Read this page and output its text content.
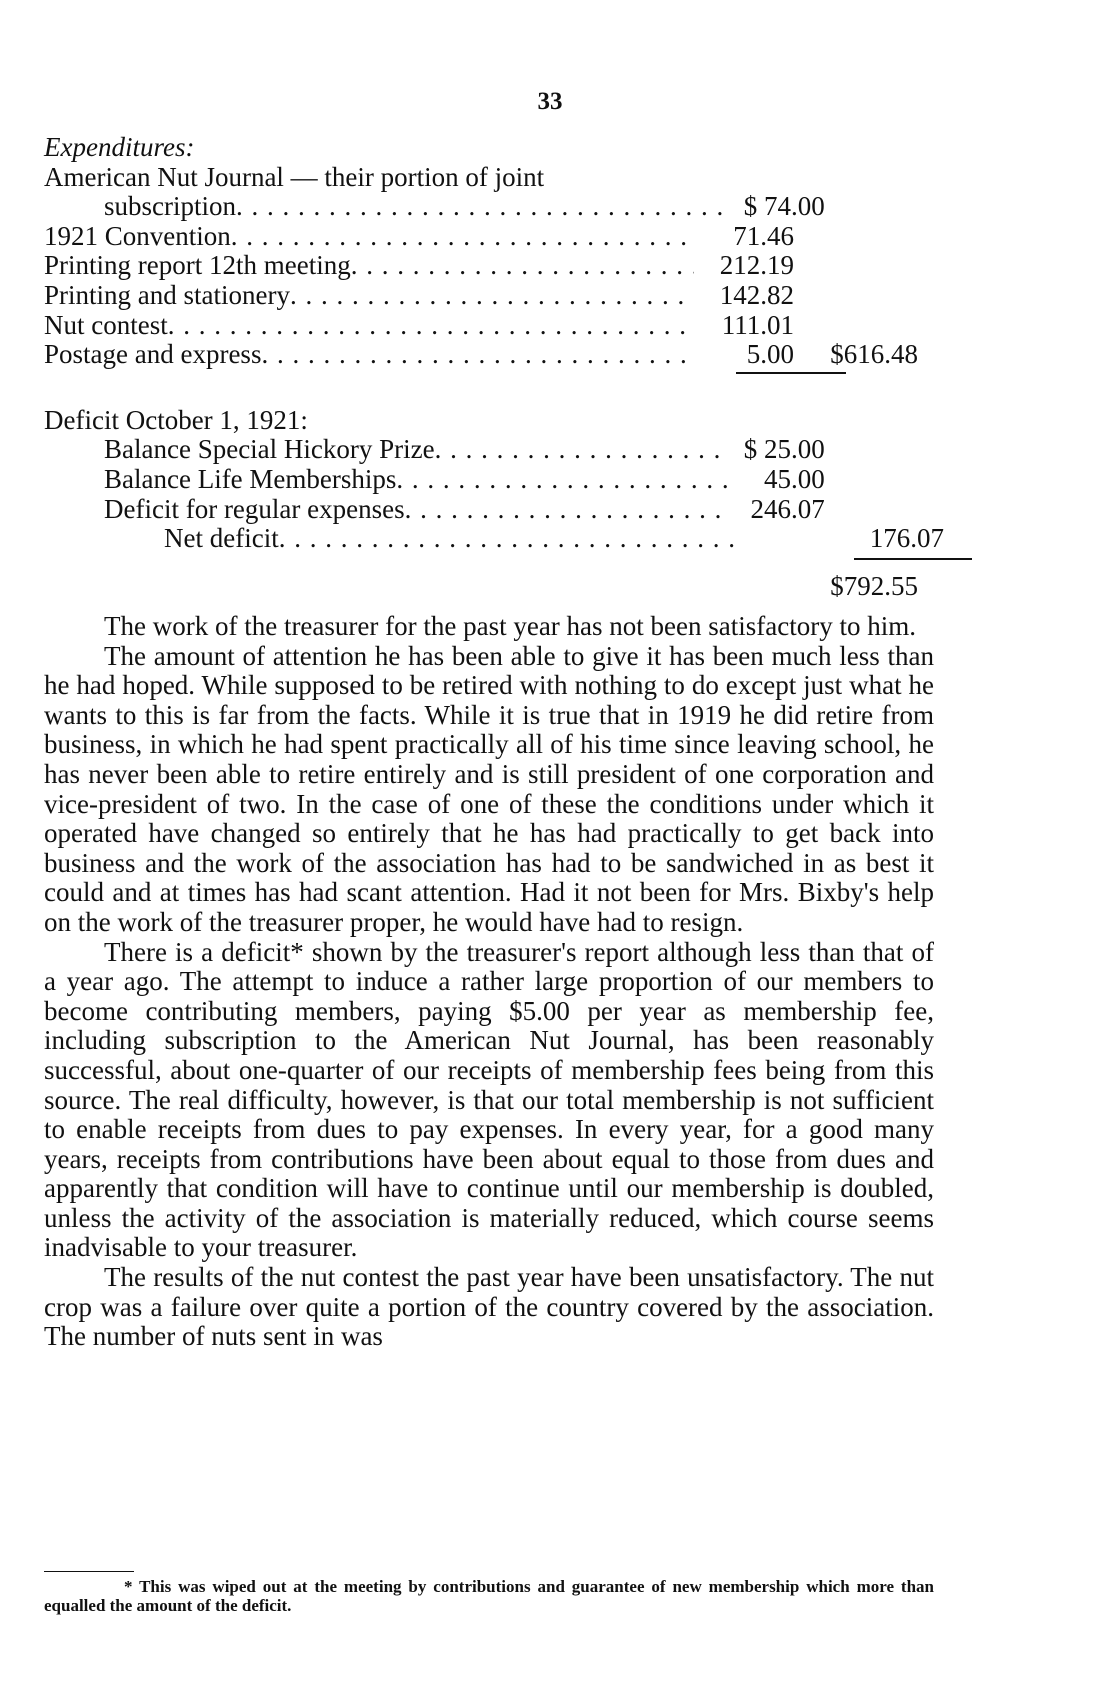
33
Expenditures:
American Nut Journal — their portion of joint
subscription . . .	$ 74.00
1921 Convention . . .	71.46
Printing report 12th meeting . . .	212.19
Printing and stationery . . .	142.82
Nut contest . . .	111.01
Postage and express . . .	5.00	$616.48
Deficit October 1, 1921:
Balance Special Hickory Prize . . .	$ 25.00
Balance Life Memberships . . .	45.00
Deficit for regular expenses . . .	246.07
Net deficit . . .	176.07
$792.55

The work of the treasurer for the past year has not been satisfactory to him.

The amount of attention he has been able to give it has been much less than he had hoped. While supposed to be retired with nothing to do except just what he wants to this is far from the facts. While it is true that in 1919 he did retire from business, in which he had spent practically all of his time since leaving school, he has never been able to retire entirely and is still president of one corporation and vice-president of two. In the case of one of these the conditions under which it operated have changed so entirely that he has had practically to get back into business and the work of the association has had to be sandwiched in as best it could and at times has had scant attention. Had it not been for Mrs. Bixby's help on the work of the treasurer proper, he would have had to resign.

There is a deficit* shown by the treasurer's report although less than that of a year ago. The attempt to induce a rather large proportion of our members to become contributing members, paying $5.00 per year as membership fee, including subscription to the American Nut Journal, has been reasonably successful, about one-quarter of our receipts of membership fees being from this source. The real difficulty, however, is that our total membership is not sufficient to enable receipts from dues to pay expenses. In every year, for a good many years, receipts from contributions have been about equal to those from dues and apparently that condition will have to continue until our membership is doubled, unless the activity of the association is materially reduced, which course seems inadvisable to your treasurer.

The results of the nut contest the past year have been unsatisfactory. The nut crop was a failure over quite a portion of the country covered by the association. The number of nuts sent in was

* This was wiped out at the meeting by contributions and guarantee of new membership which more than equalled the amount of the deficit.
